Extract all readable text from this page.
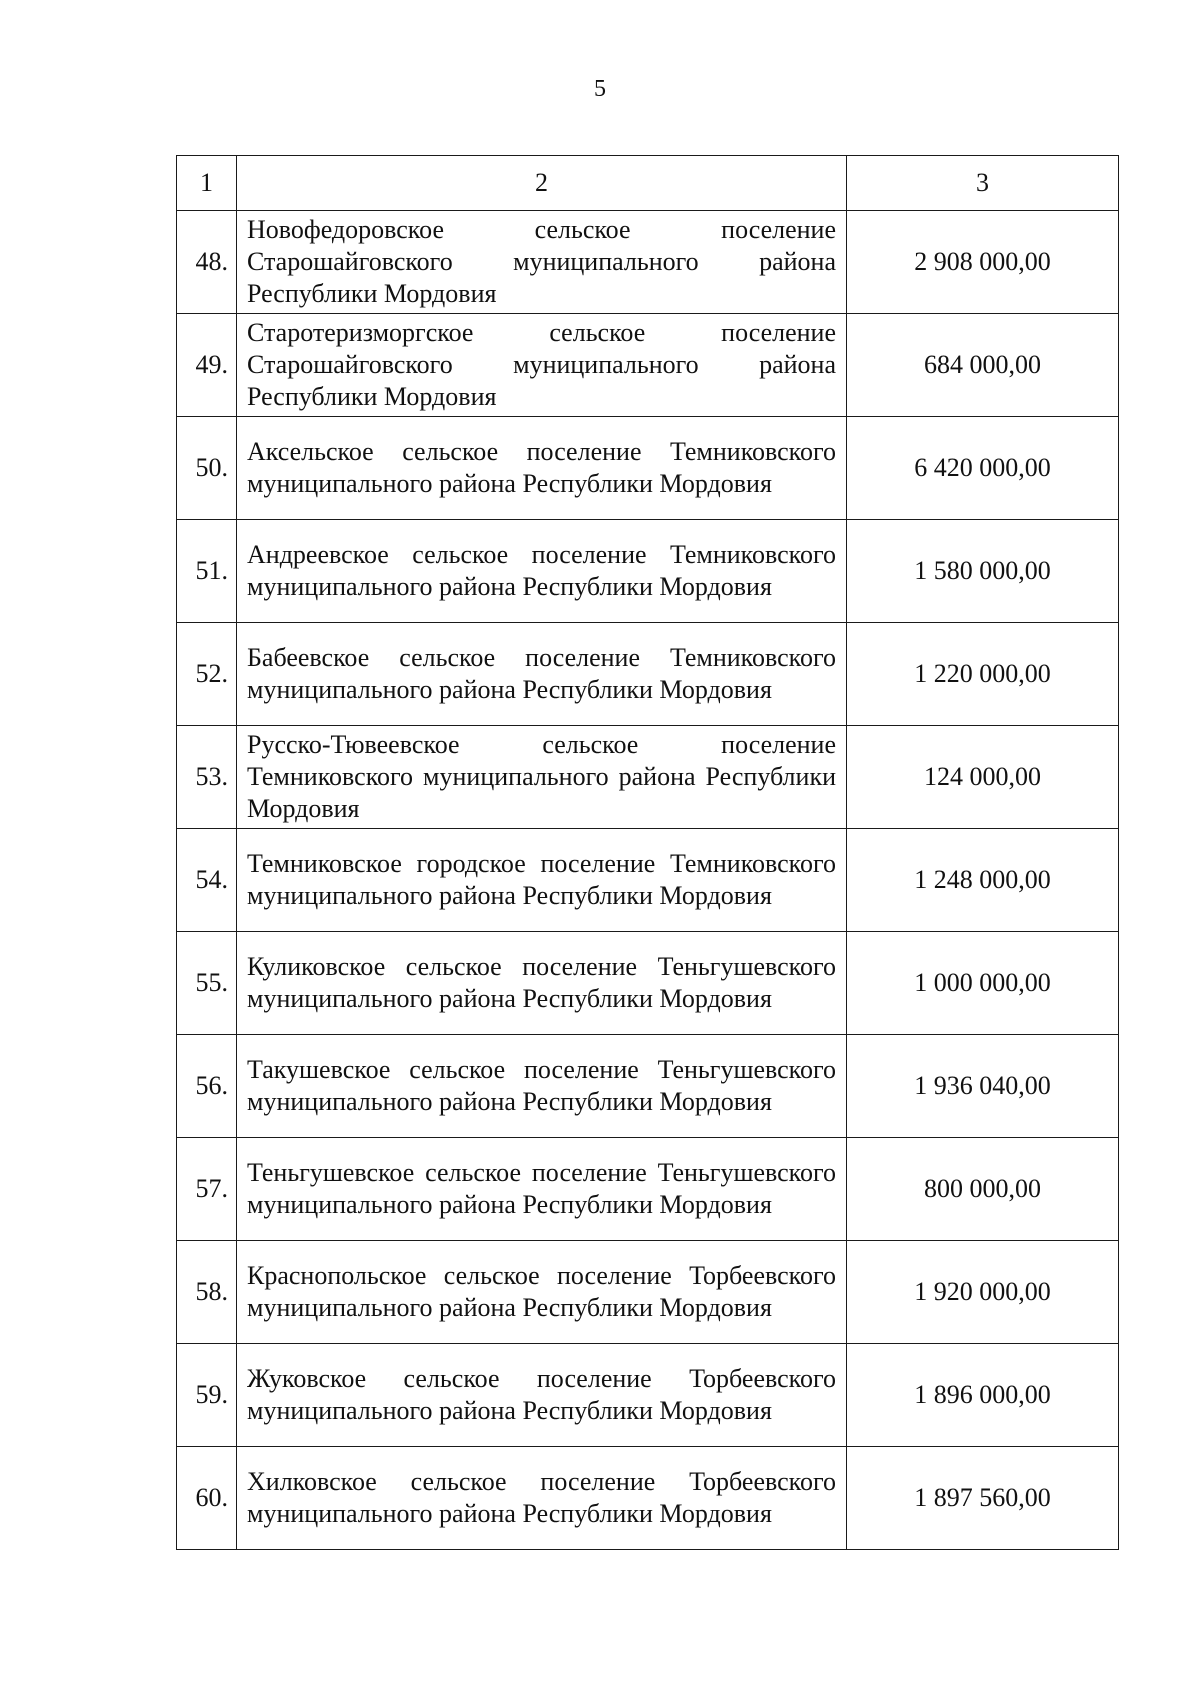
5
1	2	3
48.	Новофедоровское сельское поселение Старошайговского муниципального района Республики Мордовия	2 908 000,00
49.	Старотеризморгское сельское поселение Старошайговского муниципального района Республики Мордовия	684 000,00
50.	Аксельское сельское поселение Темниковского муниципального района Республики Мордовия	6 420 000,00
51.	Андреевское сельское поселение Темниковского муниципального района Республики Мордовия	1 580 000,00
52.	Бабеевское сельское поселение Темниковского муниципального района Республики Мордовия	1 220 000,00
53.	Русско-Тювеевское сельское поселение Темниковского муниципального района Республики Мордовия	124 000,00
54.	Темниковское городское поселение Темниковского муниципального района Республики Мордовия	1 248 000,00
55.	Куликовское сельское поселение Теньгушевского муниципального района Республики Мордовия	1 000 000,00
56.	Такушевское сельское поселение Теньгушевского муниципального района Республики Мордовия	1 936 040,00
57.	Теньгушевское сельское поселение Теньгушевского муниципального района Республики Мордовия	800 000,00
58.	Краснопольское сельское поселение Торбеевского муниципального района Республики Мордовия	1 920 000,00
59.	Жуковское сельское поселение Торбеевского муниципального района Республики Мордовия	1 896 000,00
60.	Хилковское сельское поселение Торбеевского муниципального района Республики Мордовия	1 897 560,00
